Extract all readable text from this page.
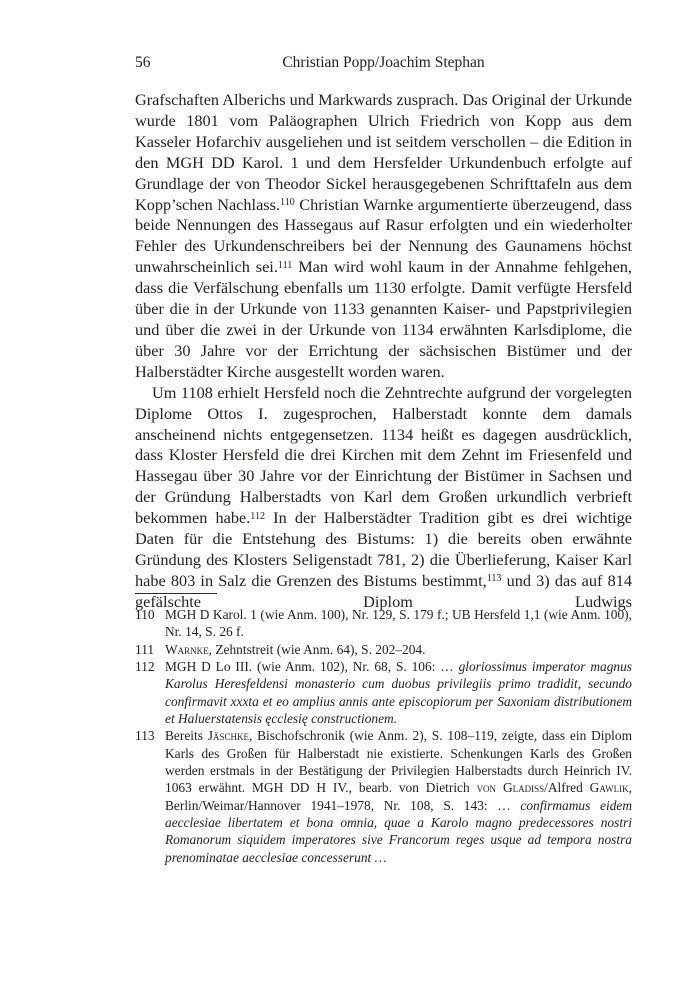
56	Christian Popp/Joachim Stephan

Grafschaften Alberichs und Markwards zusprach. Das Original der Urkunde wurde 1801 vom Paläographen Ulrich Friedrich von Kopp aus dem Kasseler Hofarchiv ausgeliehen und ist seitdem verschollen – die Edition in den MGH DD Karol. 1 und dem Hersfelder Urkundenbuch erfolgte auf Grundlage der von Theodor Sickel herausgegebenen Schrifttafeln aus dem Kopp’schen Nachlass.$^{110}$ Christian Warnke argumentierte überzeugend, dass beide Nennungen des Hassegaus auf Rasur erfolgten und ein wiederholter Fehler des Urkundenschreibers bei der Nennung des Gaunamens höchst unwahrscheinlich sei.$^{111}$ Man wird wohl kaum in der Annahme fehlgehen, dass die Verfälschung ebenfalls um 1130 erfolgte. Damit verfügte Hersfeld über die in der Urkunde von 1133 genannten Kaiser- und Papstprivilegien und über die zwei in der Urkunde von 1134 erwähnten Karlsdiplome, die über 30 Jahre vor der Errichtung der sächsischen Bistümer und der Halberstädter Kirche ausgestellt worden waren.

Um 1108 erhielt Hersfeld noch die Zehntrechte aufgrund der vorgelegten Diplome Ottos I. zugesprochen, Halberstadt konnte dem damals anscheinend nichts entgegensetzen. 1134 heißt es dagegen ausdrücklich, dass Kloster Hersfeld die drei Kirchen mit dem Zehnt im Friesenfeld und Hassegau über 30 Jahre vor der Einrichtung der Bistümer in Sachsen und der Gründung Halberstadts von Karl dem Großen urkundlich verbrieft bekommen habe.$^{112}$ In der Halberstädter Tradition gibt es drei wichtige Daten für die Entstehung des Bistums: 1) die bereits oben erwähnte Gründung des Klosters Seligenstadt 781, 2) die Überlieferung, Kaiser Karl habe 803 in Salz die Grenzen des Bistums bestimmt,$^{113}$ und 3) das auf 814 gefälschte Diplom Ludwigs

110 MGH D Karol. 1 (wie Anm. 100), Nr. 129, S. 179 f.; UB Hersfeld 1,1 (wie Anm. 100), Nr. 14, S. 26 f.
111 Warnke, Zehntstreit (wie Anm. 64), S. 202–204.
112 MGH D Lo III. (wie Anm. 102), Nr. 68, S. 106: … gloriossimus imperator magnus Karolus Heresfeldensi monasterio cum duobus privilegiis primo tradidit, secundo confirmavit xxxta et eo amplius annis ante episcopiorum per Saxoniam distributionem et Haluerstatensis ęcclesię constructionem.
113 Bereits Jäschke, Bischofschronik (wie Anm. 2), S. 108–119, zeigte, dass ein Diplom Karls des Großen für Halberstadt nie existierte. Schenkungen Karls des Großen werden erstmals in der Bestätigung der Privilegien Halberstadts durch Heinrich IV. 1063 erwähnt. MGH DD H IV., bearb. von Dietrich von Gladiss/Alfred Gawlik, Berlin/Weimar/Hannover 1941–1978, Nr. 108, S. 143: … confirmamus eidem aecclesiae libertatem et bona omnia, quae a Karolo magno predecessores nostri Romanorum siquidem imperatores sive Francorum reges usque ad tempora nostra prenominatae aecclesiae concesserunt …
